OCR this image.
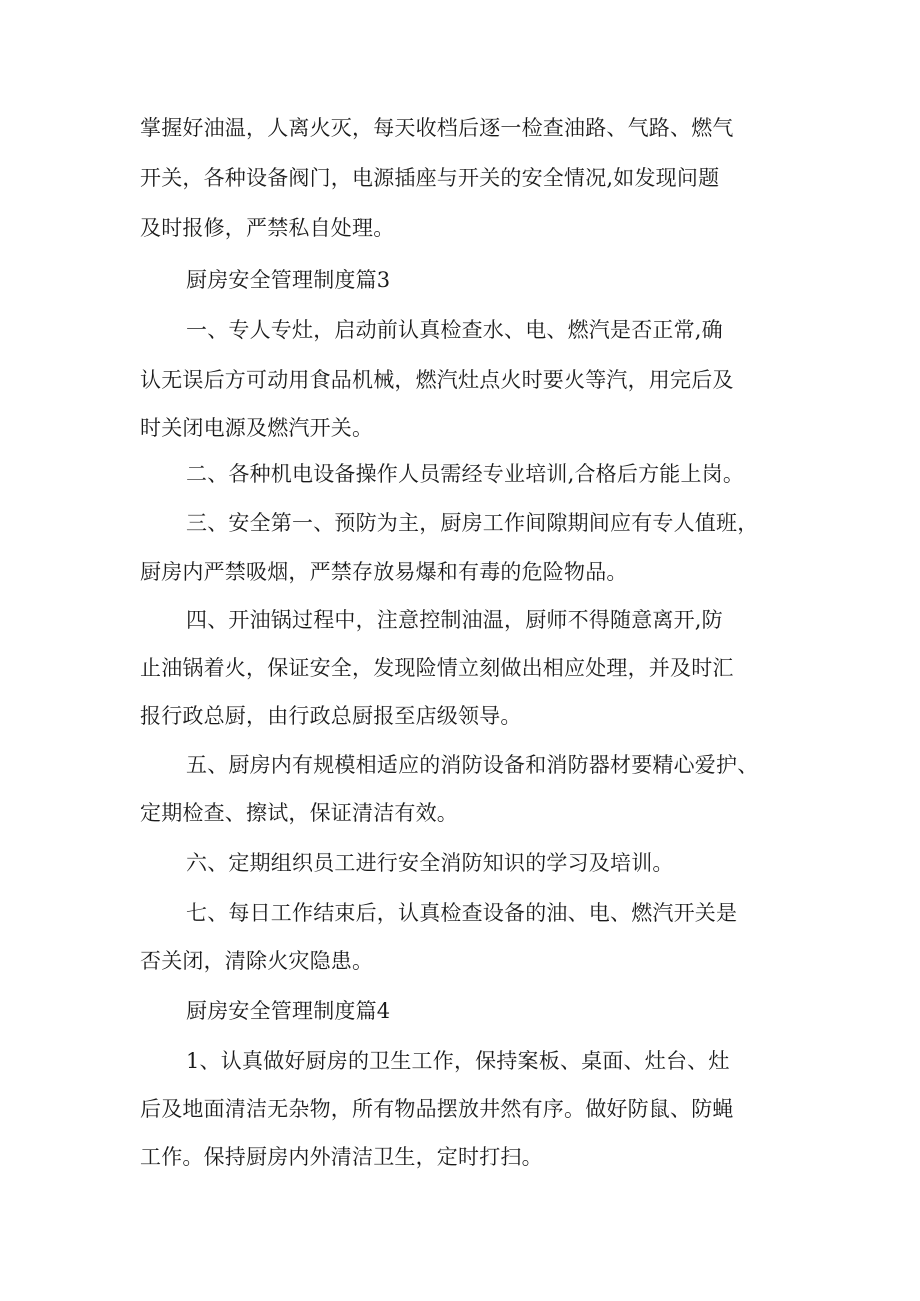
掌握好油温，人离火灭，每天收档后逐一检查油路、气路、燃气
开关，各种设备阀门，电源插座与开关的安全情况,如发现问题
及时报修，严禁私自处理。
厨房安全管理制度篇3
一、专人专灶，启动前认真检查水、电、燃汽是否正常,确
认无误后方可动用食品机械，燃汽灶点火时要火等汽，用完后及
时关闭电源及燃汽开关。
二、各种机电设备操作人员需经专业培训,合格后方能上岗。
三、安全第一、预防为主，厨房工作间隙期间应有专人值班，
厨房内严禁吸烟，严禁存放易爆和有毒的危险物品。
四、开油锅过程中，注意控制油温，厨师不得随意离开,防
止油锅着火，保证安全，发现险情立刻做出相应处理，并及时汇
报行政总厨，由行政总厨报至店级领导。
五、厨房内有规模相适应的消防设备和消防器材要精心爱护、
定期检查、擦试，保证清洁有效。
六、定期组织员工进行安全消防知识的学习及培训。
七、每日工作结束后，认真检查设备的油、电、燃汽开关是
否关闭，清除火灾隐患。
厨房安全管理制度篇4
1、认真做好厨房的卫生工作，保持案板、桌面、灶台、灶
后及地面清洁无杂物，所有物品摆放井然有序。做好防鼠、防蝇
工作。保持厨房内外清洁卫生，定时打扫。
